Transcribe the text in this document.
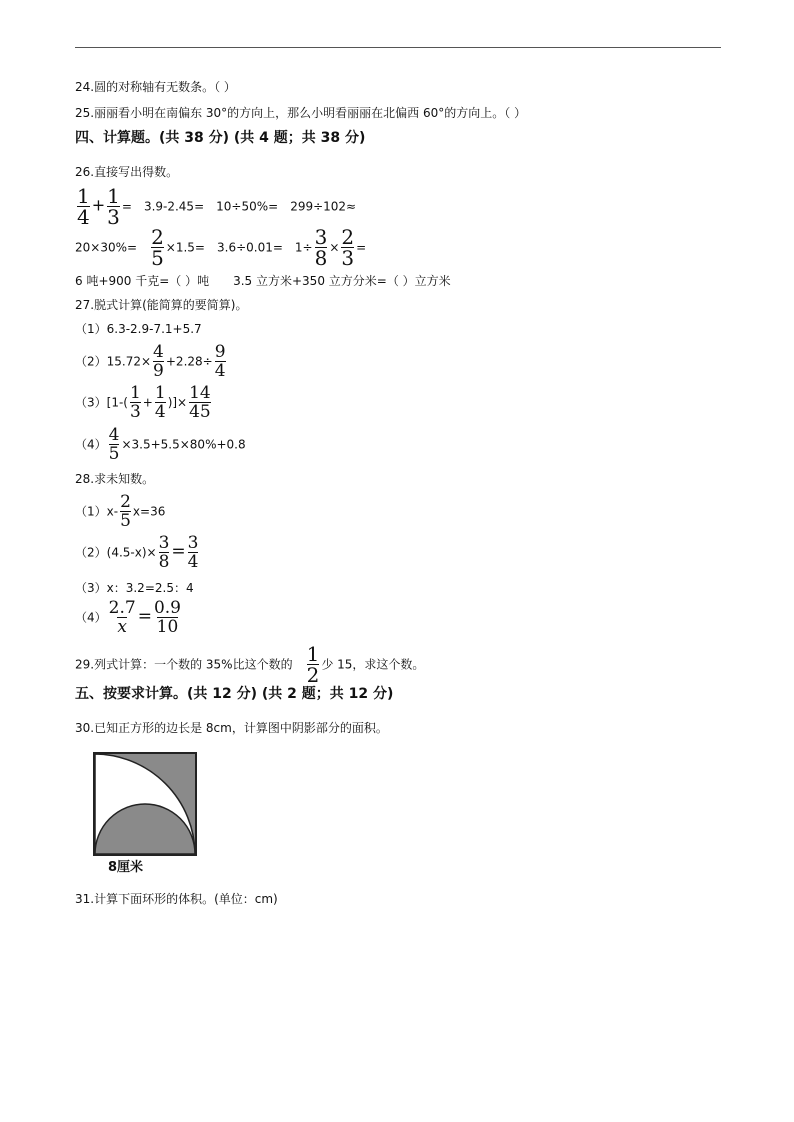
24.圆的对称轴有无数条。（ ）
25.丽丽看小明在南偏东 30°的方向上，那么小明看丽丽在北偏西 60°的方向上。（ ）
四、计算题。(共 38 分) (共 4 题；共 38 分)
26.直接写出得数。
$\frac{1}{4} + \frac{1}{3} = 3.9-2.45= 10\div 50\%= 299\div 102\approx$
$20\times 30\%= \frac{2}{5} \times 1.5= 3.6\div 0.01= 1\div \frac{3}{8} \times \frac{2}{3}$ =
6 吨+900 千克=（ ）吨 3.5 立方米+350 立方分米=（ ）立方米
27.脱式计算(能简算的要简算)。
（1）6.3-2.9-7.1+5.7
$(2)15.72\times \frac{4}{9} +2.28\div \frac{9}{4}$
$(3)[1-( \frac{1}{3} + \frac{1}{4}$ )]× $\frac{14}{45}$
$(4) \frac{4}{5} \times 3.5+5.5\times 80\%+0.8$
28.求未知数。
$(1)x- \frac{2}{5} x=36$
$(2)(4.5-x)\times \frac{3}{8} = \frac{3}{4}$
（3）x：3.2=2.5：4
$(4) \frac{2.7}{x} = \frac{0.9}{10}$
29.列式计算：一个数的 35%比这个数的 $\frac{1}{2}$ 少 15，求这个数。
五、按要求计算。(共 12 分) (共 2 题；共 12 分)
30.已知正方形的边长是 8cm，计算图中阴影部分的面积。
8厘米
31.计算下面环形的体积。(单位：cm)
